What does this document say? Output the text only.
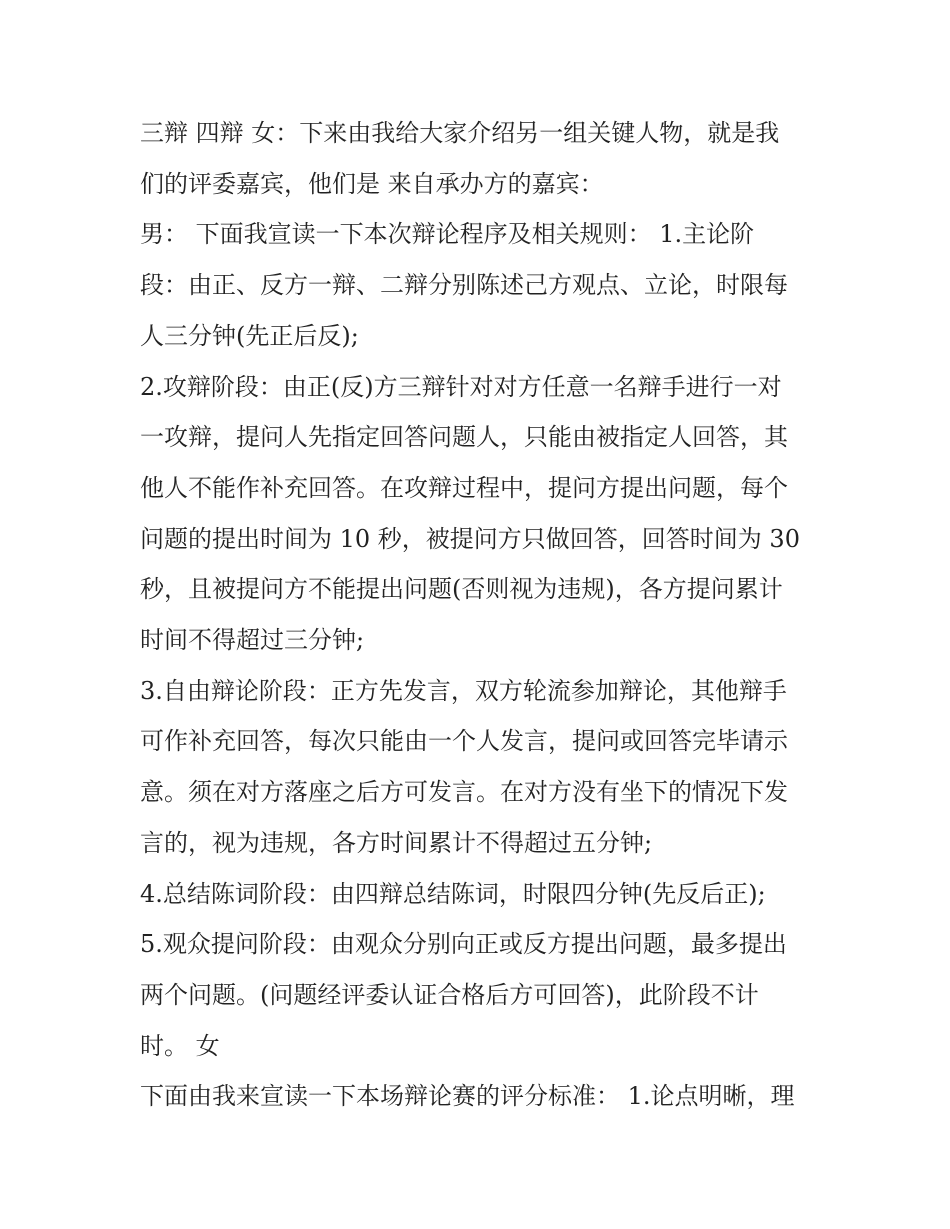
三辩 四辩 女：下来由我给大家介绍另一组关键人物，就是我

们的评委嘉宾，他们是 来自承办方的嘉宾：

男： 下面我宣读一下本次辩论程序及相关规则： 1.主论阶

段：由正、反方一辩、二辩分别陈述己方观点、立论，时限每

人三分钟(先正后反);

2.攻辩阶段：由正(反)方三辩针对对方任意一名辩手进行一对

一攻辩，提问人先指定回答问题人，只能由被指定人回答，其

他人不能作补充回答。在攻辩过程中，提问方提出问题，每个

问题的提出时间为 10 秒，被提问方只做回答，回答时间为 30

秒，且被提问方不能提出问题(否则视为违规)，各方提问累计

时间不得超过三分钟;

3.自由辩论阶段：正方先发言，双方轮流参加辩论，其他辩手

可作补充回答，每次只能由一个人发言，提问或回答完毕请示

意。须在对方落座之后方可发言。在对方没有坐下的情况下发

言的，视为违规，各方时间累计不得超过五分钟;

4.总结陈词阶段：由四辩总结陈词，时限四分钟(先反后正);

5.观众提问阶段：由观众分别向正或反方提出问题，最多提出

两个问题。(问题经评委认证合格后方可回答)，此阶段不计

时。 女

下面由我来宣读一下本场辩论赛的评分标准： 1.论点明晰，理
